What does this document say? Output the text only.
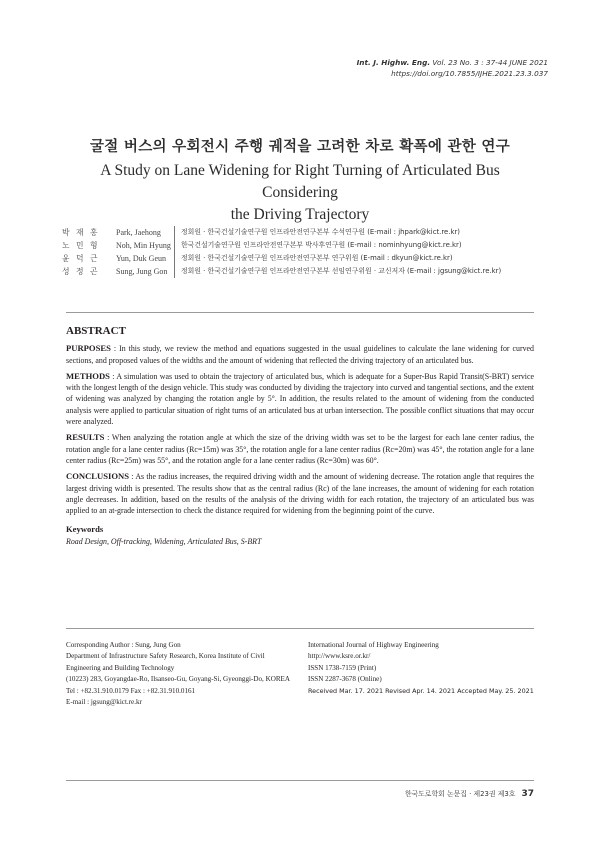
Int. J. Highw. Eng. Vol. 23 No. 3 : 37-44 JUNE 2021
https://doi.org/10.7855/IJHE.2021.23.3.037
굴절 버스의 우회전시 주행 궤적을 고려한 차로 확폭에 관한 연구
A Study on Lane Widening for Right Turning of Articulated Bus Considering
the Driving Trajectory
박 재 홍	Park, Jaehong	정회원 · 한국건설기술연구원 인프라안전연구본부 수석연구원 (E-mail : jhpark@kict.re.kr)
노 민 형	Noh, Min Hyung	한국건설기술연구원 인프라안전연구본부 박사후연구원 (E-mail : nominhyung@kict.re.kr)
윤 덕 근	Yun, Duk Geun	정회원 · 한국건설기술연구원 인프라안전연구본부 연구위원 (E-mail : dkyun@kict.re.kr)
성 정 곤	Sung, Jung Gon	정회원 · 한국건설기술연구원 인프라안전연구본부 선임연구위원 · 교신저자 (E-mail : jgsung@kict.re.kr)
ABSTRACT

PURPOSES : In this study, we review the method and equations suggested in the usual guidelines to calculate the lane widening for curved sections, and proposed values of the widths and the amount of widening that reflected the driving trajectory of an articulated bus.

METHODS : A simulation was used to obtain the trajectory of articulated bus, which is adequate for a Super-Bus Rapid Transit(S-BRT) service with the longest length of the design vehicle. This study was conducted by dividing the trajectory into curved and tangential sections, and the extent of widening was analyzed by changing the rotation angle by 5°. In addition, the results related to the amount of widening from the conducted analysis were applied to particular situation of right turns of an articulated bus at urban intersection. The possible conflict situations that may occur were analyzed.

RESULTS : When analyzing the rotation angle at which the size of the driving width was set to be the largest for each lane center radius, the rotation angle for a lane center radius (Rc=15m) was 35°, the rotation angle for a lane center radius (Rc=20m) was 45°, the rotation angle for a lane center radius (Rc=25m) was 55°, and the rotation angle for a lane center radius (Rc=30m) was 60°.

CONCLUSIONS : As the radius increases, the required driving width and the amount of widening decrease. The rotation angle that requires the largest driving width is presented. The results show that as the central radius (Rc) of the lane increases, the amount of widening for each rotation angle decreases. In addition, based on the results of the analysis of the driving width for each rotation, the trajectory of an articulated bus was applied to an at-grade intersection to check the distance required for widening from the beginning point of the curve.

Keywords
Road Design, Off-tracking, Widening, Articulated Bus, S-BRT
Corresponding Author : Sung, Jung Gon
Department of Infrastructure Safety Research, Korea Institute of Civil
Engineering and Building Technology
(10223) 283, Goyangdae-Ro, Ilsanseo-Gu, Goyang-Si, Gyeonggi-Do, KOREA
Tel : +82.31.910.0179 Fax : +82.31.910.0161
E-mail : jgsung@kict.re.kr
International Journal of Highway Engineering
http://www.ksre.or.kr/
ISSN 1738-7159 (Print)
ISSN 2287-3678 (Online)
Received Mar. 17. 2021 Revised Apr. 14. 2021 Accepted May. 25. 2021
한국도로학회 논문집 · 제23권 제3호 37
